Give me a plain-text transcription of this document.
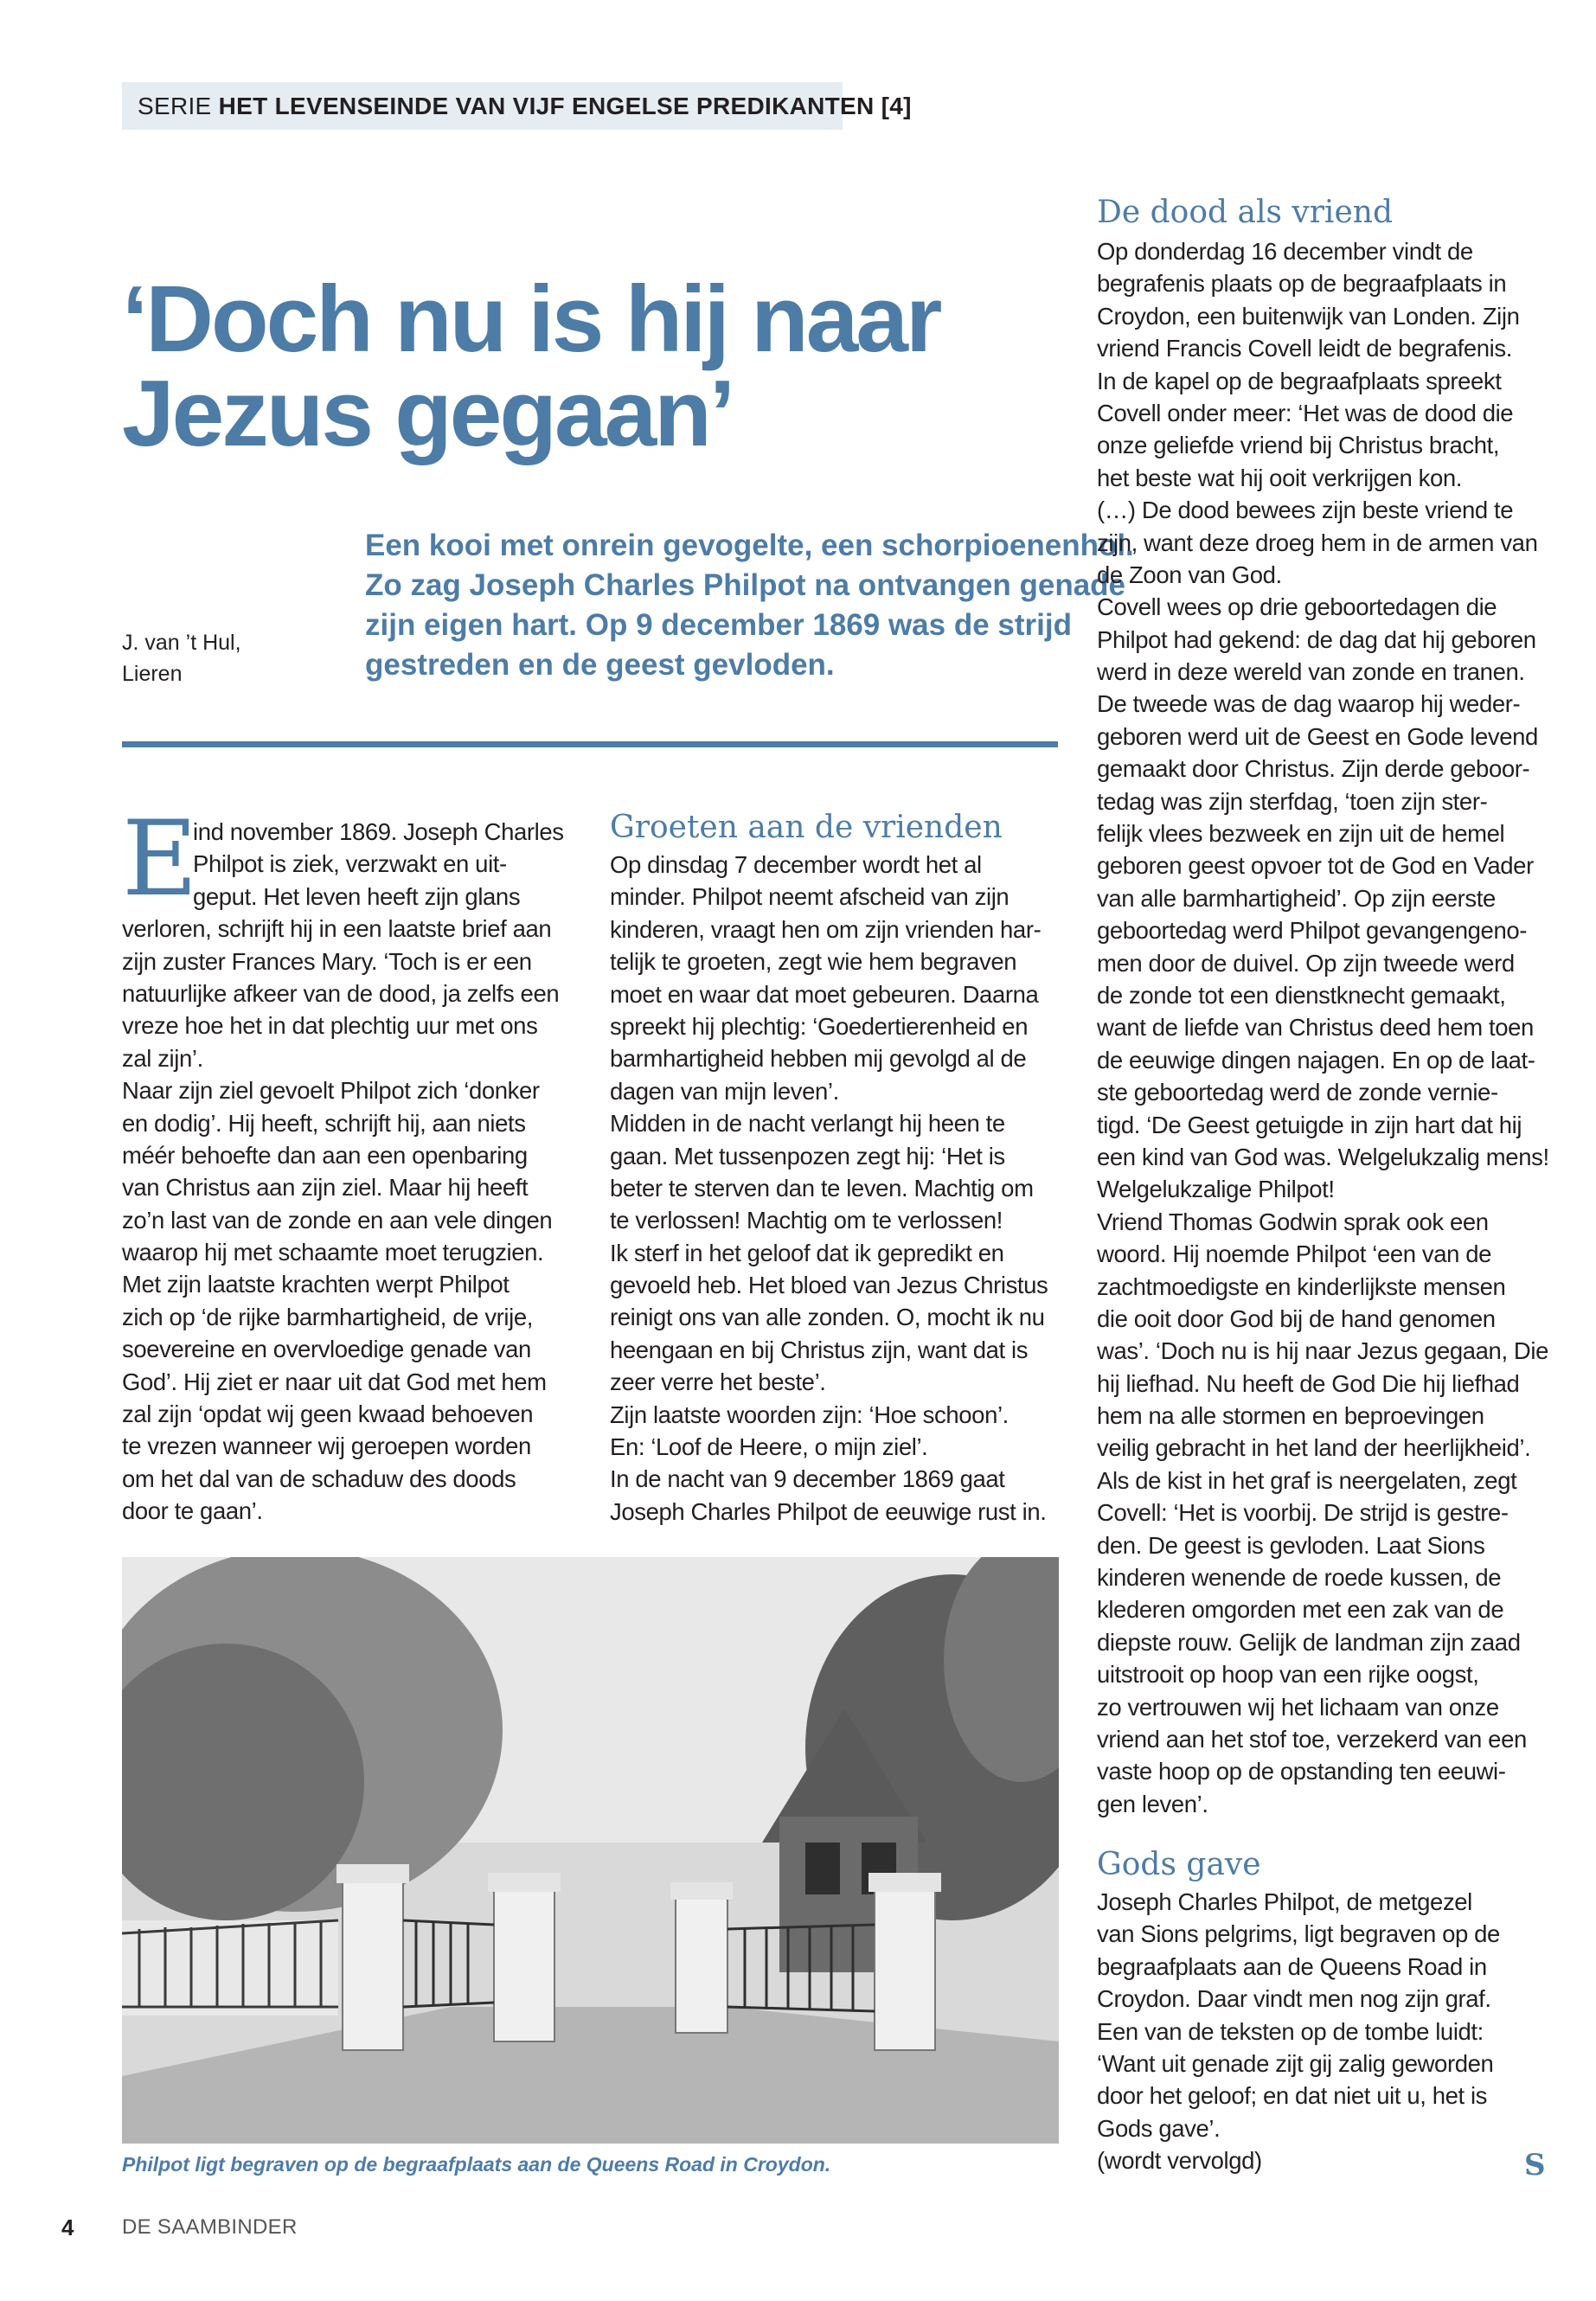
SERIE HET LEVENSEINDE VAN VIJF ENGELSE PREDIKANTEN [4]
‘Doch nu is hij naar
Jezus gegaan’
J. van ’t Hul,
Lieren
Een kooi met onrein gevogelte, een schorpioenenhol.
Zo zag Joseph Charles Philpot na ontvangen genade
zijn eigen hart. Op 9 december 1869 was de strijd
gestreden en de geest gevloden.
E
ind november 1869. Joseph Charles
Philpot is ziek, verzwakt en uit-
geput. Het leven heeft zijn glans
verloren, schrijft hij in een laatste brief aan
zijn zuster Frances Mary. ‘Toch is er een
natuurlijke afkeer van de dood, ja zelfs een
vreze hoe het in dat plechtig uur met ons
zal zijn’.
Naar zijn ziel gevoelt Philpot zich ‘donker
en dodig’. Hij heeft, schrijft hij, aan niets
méér behoefte dan aan een openbaring
van Christus aan zijn ziel. Maar hij heeft
zo’n last van de zonde en aan vele dingen
waarop hij met schaamte moet terugzien.
Met zijn laatste krachten werpt Philpot
zich op ‘de rijke barmhartigheid, de vrije,
soevereine en overvloedige genade van
God’. Hij ziet er naar uit dat God met hem
zal zijn ‘opdat wij geen kwaad behoeven
te vrezen wanneer wij geroepen worden
om het dal van de schaduw des doods
door te gaan’.
Groeten aan de vrienden
Op dinsdag 7 december wordt het al
minder. Philpot neemt afscheid van zijn
kinderen, vraagt hen om zijn vrienden har-
telijk te groeten, zegt wie hem begraven
moet en waar dat moet gebeuren. Daarna
spreekt hij plechtig: ‘Goedertierenheid en
barmhartigheid hebben mij gevolgd al de
dagen van mijn leven’.
Midden in de nacht verlangt hij heen te
gaan. Met tussenpozen zegt hij: ‘Het is
beter te sterven dan te leven. Machtig om
te verlossen! Machtig om te verlossen!
Ik sterf in het geloof dat ik gepredikt en
gevoeld heb. Het bloed van Jezus Christus
reinigt ons van alle zonden. O, mocht ik nu
heengaan en bij Christus zijn, want dat is
zeer verre het beste’.
Zijn laatste woorden zijn: ‘Hoe schoon’.
En: ‘Loof de Heere, o mijn ziel’.
In de nacht van 9 december 1869 gaat
Joseph Charles Philpot de eeuwige rust in.
De dood als vriend
Op donderdag 16 december vindt de
begrafenis plaats op de begraafplaats in
Croydon, een buitenwijk van Londen. Zijn
vriend Francis Covell leidt de begrafenis.
In de kapel op de begraafplaats spreekt
Covell onder meer: ‘Het was de dood die
onze geliefde vriend bij Christus bracht,
het beste wat hij ooit verkrijgen kon.
(…) De dood bewees zijn beste vriend te
zijn, want deze droeg hem in de armen van
de Zoon van God.
Covell wees op drie geboortedagen die
Philpot had gekend: de dag dat hij geboren
werd in deze wereld van zonde en tranen.
De tweede was de dag waarop hij weder-
geboren werd uit de Geest en Gode levend
gemaakt door Christus. Zijn derde geboor-
tedag was zijn sterfdag, ‘toen zijn ster-
felijk vlees bezweek en zijn uit de hemel
geboren geest opvoer tot de God en Vader
van alle barmhartigheid’. Op zijn eerste
geboortedag werd Philpot gevangengeno-
men door de duivel. Op zijn tweede werd
de zonde tot een dienstknecht gemaakt,
want de liefde van Christus deed hem toen
de eeuwige dingen najagen. En op de laat-
ste geboortedag werd de zonde vernie-
tigd. ‘De Geest getuigde in zijn hart dat hij
een kind van God was. Welgelukzalig mens!
Welgelukzalige Philpot!
Vriend Thomas Godwin sprak ook een
woord. Hij noemde Philpot ‘een van de
zachtmoedigste en kinderlijkste mensen
die ooit door God bij de hand genomen
was’. ‘Doch nu is hij naar Jezus gegaan, Die
hij liefhad. Nu heeft de God Die hij liefhad
hem na alle stormen en beproevingen
veilig gebracht in het land der heerlijkheid’.
Als de kist in het graf is neergelaten, zegt
Covell: ‘Het is voorbij. De strijd is gestre-
den. De geest is gevloden. Laat Sions
kinderen wenende de roede kussen, de
klederen omgorden met een zak van de
diepste rouw. Gelijk de landman zijn zaad
uitstrooit op hoop van een rijke oogst,
zo vertrouwen wij het lichaam van onze
vriend aan het stof toe, verzekerd van een
vaste hoop op de opstanding ten eeuwi-
gen leven’.
Gods gave
Joseph Charles Philpot, de metgezel
van Sions pelgrims, ligt begraven op de
begraafplaats aan de Queens Road in
Croydon. Daar vindt men nog zijn graf.
Een van de teksten op de tombe luidt:
‘Want uit genade zijt gij zalig geworden
door het geloof; en dat niet uit u, het is
Gods gave’.
(wordt vervolgd)	S
Philpot ligt begraven op de begraafplaats aan de Queens Road in Croydon.
4 DE SAAMBINDER
